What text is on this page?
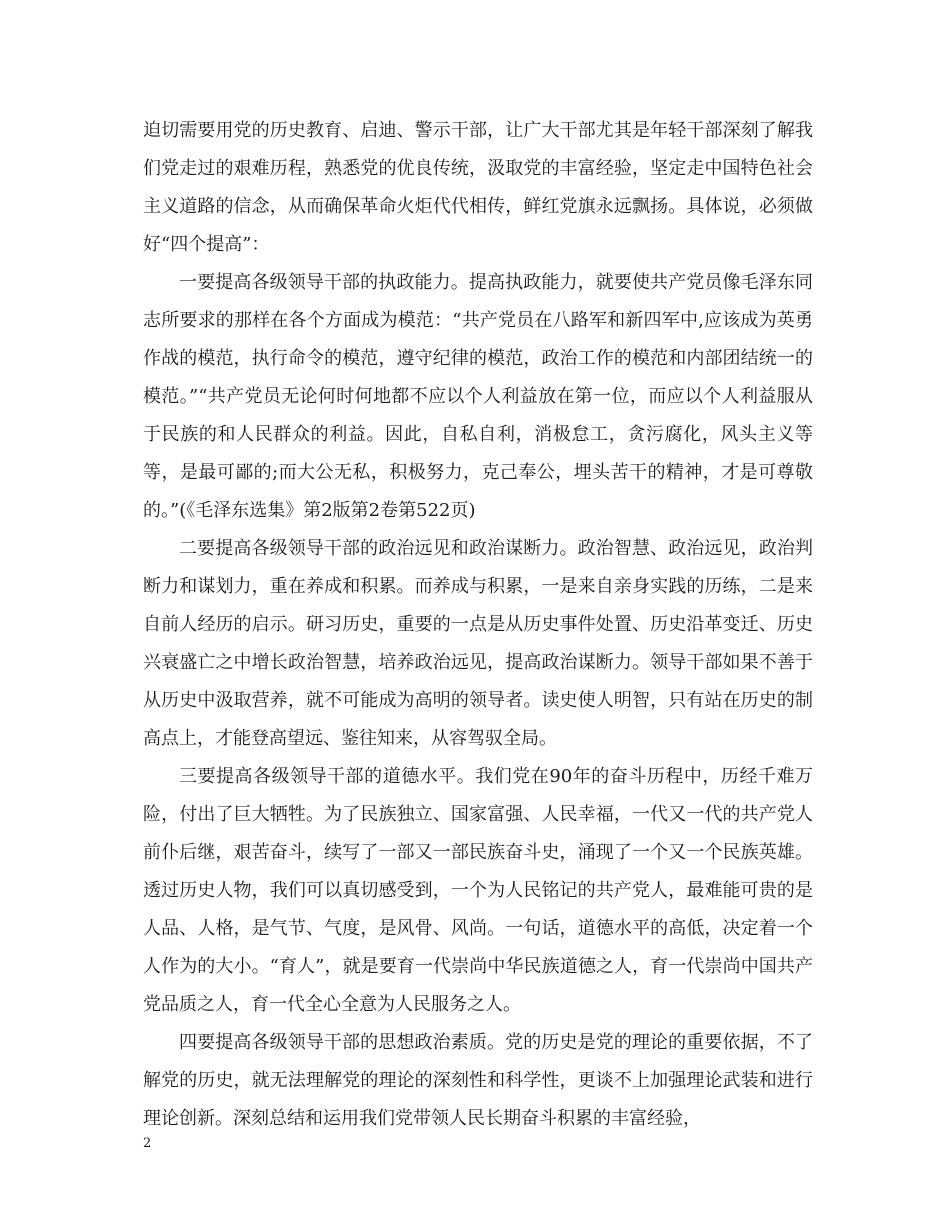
迫切需要用党的历史教育、启迪、警示干部，让广大干部尤其是年轻干部深刻了解我们党走过的艰难历程，熟悉党的优良传统，汲取党的丰富经验，坚定走中国特色社会主义道路的信念，从而确保革命火炬代代相传，鲜红党旗永远飘扬。具体说，必须做好“四个提高”：

一要提高各级领导干部的执政能力。提高执政能力，就要使共产党员像毛泽东同志所要求的那样在各个方面成为模范：“共产党员在八路军和新四军中,应该成为英勇作战的模范，执行命令的模范，遵守纪律的模范，政治工作的模范和内部团结统一的模范。”“共产党员无论何时何地都不应以个人利益放在第一位，而应以个人利益服从于民族的和人民群众的利益。因此，自私自利，消极怠工，贪污腐化，风头主义等等，是最可鄙的;而大公无私，积极努力，克己奉公，埋头苦干的精神，才是可尊敬的。”(《毛泽东选集》第2版第2卷第522页)

二要提高各级领导干部的政治远见和政治谋断力。政治智慧、政治远见，政治判断力和谋划力，重在养成和积累。而养成与积累，一是来自亲身实践的历练，二是来自前人经历的启示。研习历史，重要的一点是从历史事件处置、历史沿革变迁、历史兴衰盛亡之中增长政治智慧，培养政治远见，提高政治谋断力。领导干部如果不善于从历史中汲取营养，就不可能成为高明的领导者。读史使人明智，只有站在历史的制高点上，才能登高望远、鉴往知来，从容驾驭全局。

三要提高各级领导干部的道德水平。我们党在90年的奋斗历程中，历经千难万险，付出了巨大牺牲。为了民族独立、国家富强、人民幸福，一代又一代的共产党人前仆后继，艰苦奋斗，续写了一部又一部民族奋斗史，涌现了一个又一个民族英雄。透过历史人物，我们可以真切感受到，一个为人民铭记的共产党人，最难能可贵的是人品、人格，是气节、气度，是风骨、风尚。一句话，道德水平的高低，决定着一个人作为的大小。“育人”，就是要育一代崇尚中华民族道德之人，育一代崇尚中国共产党品质之人，育一代全心全意为人民服务之人。

四要提高各级领导干部的思想政治素质。党的历史是党的理论的重要依据，不了解党的历史，就无法理解党的理论的深刻性和科学性，更谈不上加强理论武装和进行理论创新。深刻总结和运用我们党带领人民长期奋斗积累的丰富经验，

2
